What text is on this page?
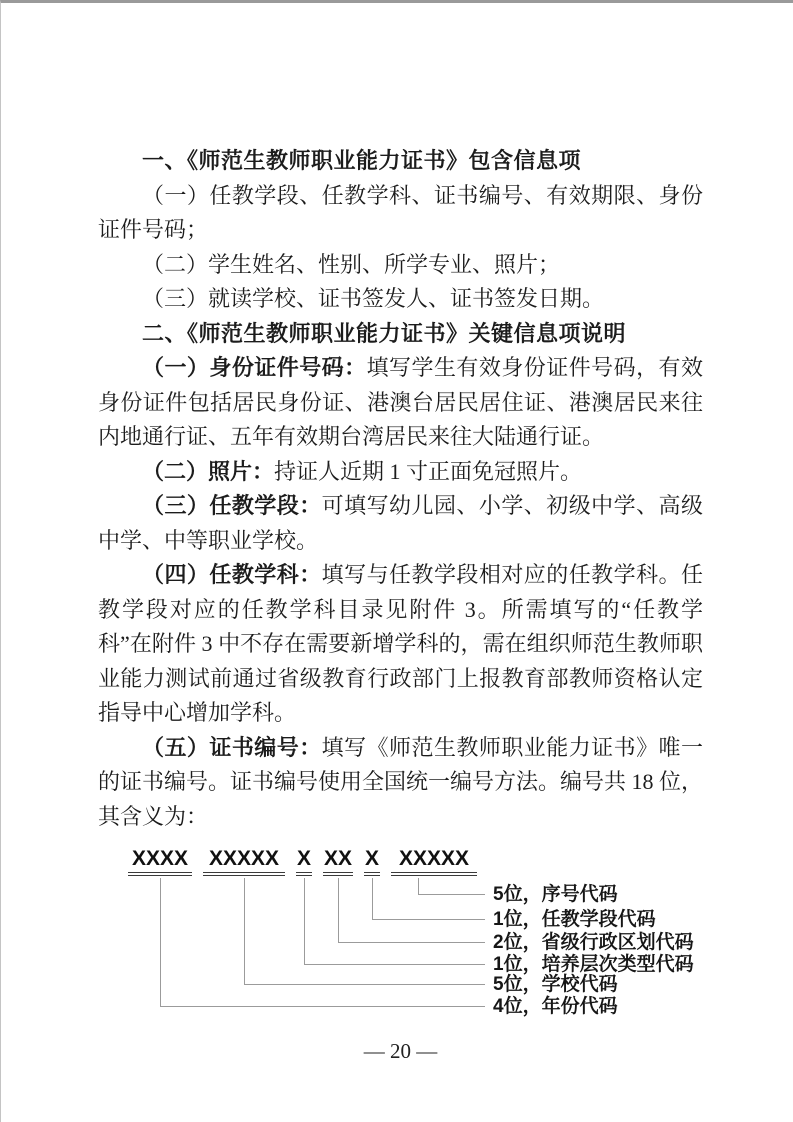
一、《师范生教师职业能力证书》包含信息项

（一）任教学段、任教学科、证书编号、有效期限、身份证件号码；

（二）学生姓名、性别、所学专业、照片；

（三）就读学校、证书签发人、证书签发日期。

二、《师范生教师职业能力证书》关键信息项说明

（一）身份证件号码：填写学生有效身份证件号码，有效身份证件包括居民身份证、港澳台居民居住证、港澳居民来往内地通行证、五年有效期台湾居民来往大陆通行证。

（二）照片：持证人近期 1 寸正面免冠照片。

（三）任教学段：可填写幼儿园、小学、初级中学、高级中学、中等职业学校。

（四）任教学科：填写与任教学段相对应的任教学科。任教学段对应的任教学科目录见附件 3。所需填写的“任教学科”在附件 3 中不存在需要新增学科的，需在组织师范生教师职业能力测试前通过省级教育行政部门上报教育部教师资格认定指导中心增加学科。

（五）证书编号：填写《师范生教师职业能力证书》唯一的证书编号。证书编号使用全国统一编号方法。编号共 18 位，其含义为：

XXXX XXXXX X XX X XXXXX
5位，序号代码
1位，任教学段代码
2位，省级行政区划代码
1位，培养层次类型代码
5位，学校代码
4位，年份代码
— 20 —
